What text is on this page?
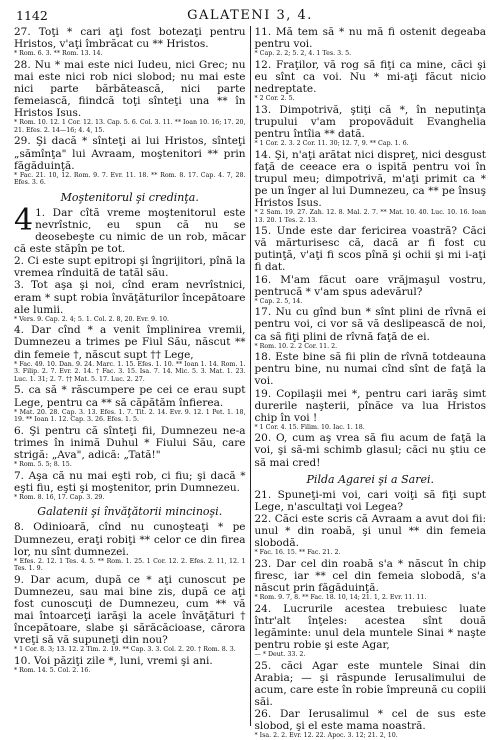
1142	GALATENI 3, 4.

27. Toţi * cari aţi fost botezaţi pentru Hristos, v'aţi îmbrăcat cu ** Hristos.

* Rom. 6. 3. ** Rom. 13. 14.

28. Nu * mai este nici Iudeu, nici Grec; nu mai este nici rob nici slobod; nu mai este nici parte bărbătească, nici parte femeiască, fiindcă toţi sînteţi una ** în Hristos Isus.

* Rom. 10. 12. 1 Cor. 12. 13. Cap. 5. 6. Col. 3. 11. ** Ioan 10. 16; 17. 20, 21. Efes. 2. 14—16; 4. 4, 15.

29. Şi dacă * sînteţi ai lui Hristos, sînteţi „sămînţa" lui Avraam, moştenitori ** prin făgăduinţă.

* Fac. 21. 10, 12. Rom. 9. 7. Evr. 11. 18. ** Rom. 8. 17. Cap. 4. 7, 28. Efes. 3. 6.

Moştenitorul şi credinţa.

4 1. Dar cîtă vreme moştenitorul este nevrîstnic, eu spun că nu se deosebeşte cu nimic de un rob, măcar că este stăpîn pe tot.

2. Ci este supt epitropi şi îngrijitori, pînă la vremea rînduită de tatăl său.

3. Tot aşa şi noi, cînd eram nevrîstnici, eram * supt robia învăţăturilor începătoare ale lumii.

* Vers. 9. Cap. 2. 4; 5. 1. Col. 2. 8, 20. Evr. 9. 10.

4. Dar cînd * a venit împlinirea vremii, Dumnezeu a trimes pe Fiul Său, născut ** din femeie †, născut supt †† Lege,

* Fac. 49. 10. Dan. 9. 24. Marc. 1. 15. Efes. 1. 10. ** Ioan 1. 14. Rom. 1. 3. Filip. 2. 7. Evr. 2. 14. † Fac. 3. 15. Isa. 7. 14. Mic. 5. 3. Mat. 1. 23. Luc. 1. 31; 2. 7. †† Mat. 5. 17. Luc. 2. 27.

5. ca să * răscumpere pe cei ce erau supt Lege, pentru ca ** să căpătăm înfierea.

* Mat. 20. 28. Cap. 3. 13. Efes. 1. 7. Tit. 2. 14. Evr. 9. 12. 1 Pet. 1. 18, 19. ** Ioan 1. 12. Cap. 3. 26. Efes. 1. 5.

6. Şi pentru că sînteţi fii, Dumnezeu ne-a trimes în inimă Duhul * Fiului Său, care strigă: „Ava", adică: „Tată!"

* Rom. 5. 5; 8. 15.

7. Aşa că nu mai eşti rob, ci fiu; şi dacă * eşti fiu, eşti şi moştenitor, prin Dumnezeu.

* Rom. 8. 16, 17. Cap. 3. 29.

Galatenii şi învăţătorii mincinoşi.

8. Odinioară, cînd nu cunoşteaţi * pe Dumnezeu, eraţi robiţi ** celor ce din firea lor, nu sînt dumnezei.

* Efes. 2. 12. 1 Tes. 4. 5. ** Rom. 1. 25. 1 Cor. 12. 2. Efes. 2. 11, 12. 1 Tes. 1. 9.

9. Dar acum, după ce * aţi cunoscut pe Dumnezeu, sau mai bine zis, după ce aţi fost cunoscuţi de Dumnezeu, cum ** vă mai întoarceţi iarăşi la acele învăţături † începătoare, slabe şi sărăcăcioase, cărora vreţi să vă supuneţi din nou?

* 1 Cor. 8. 3; 13. 12. 2 Tim. 2. 19. ** Cap. 3. 3. Col. 2. 20. † Rom. 8. 3.

10. Voi păziţi zile *, luni, vremi şi ani.

* Rom. 14. 5. Col. 2. 16.

11. Mă tem să * nu mă fi ostenit degeaba pentru voi.

* Cap. 2. 2; 5. 2, 4. 1 Tes. 3. 5.

12. Fraţilor, vă rog să fiţi ca mine, căci şi eu sînt ca voi. Nu * mi-aţi făcut nicio nedreptate.

* 2 Cor. 2. 5.

13. Dimpotrivă, ştiţi că *, în neputinţa trupului v'am propovăduit Evanghelia pentru întîia ** dată.

* 1 Cor. 2. 3. 2 Cor. 11. 30; 12. 7, 9. ** Cap. 1. 6.

14. Şi, n'aţi arătat nici dispreţ, nici desgust faţă de ceeace era o ispită pentru voi în trupul meu; dimpotrivă, m'aţi primit ca * pe un înger al lui Dumnezeu, ca ** pe însuş Hristos Isus.

* 2 Sam. 19. 27. Zah. 12. 8. Mal. 2. 7. ** Mat. 10. 40. Luc. 10. 16. Ioan 13. 20. 1 Tes. 2. 13.

15. Unde este dar fericirea voastră? Căci vă mărturisesc că, dacă ar fi fost cu putinţă, v'aţi fi scos pînă şi ochii şi mi i-aţi fi dat.

16. M'am făcut oare vrăjmaşul vostru, pentrucă * v'am spus adevărul?

* Cap. 2. 5, 14.

17. Nu cu gînd bun * sînt plini de rîvnă ei pentru voi, ci vor să vă deslipească de noi, ca să fiţi plini de rîvnă faţă de ei.

* Rom. 10. 2. 2 Cor. 11. 2.

18. Este bine să fii plin de rîvnă totdeauna pentru bine, nu numai cînd sînt de faţă la voi.

19. Copilaşii mei *, pentru cari iarăş simt durerile naşterii, pînăce va lua Hristos chip în voi !

* 1 Cor. 4. 15. Filim. 10. Iac. 1. 18.

20. O, cum aş vrea să fiu acum de faţă la voi, şi să-mi schimb glasul; căci nu ştiu ce să mai cred!

Pilda Agarei şi a Sarei.

21. Spuneţi-mi voi, cari voiţi să fiţi supt Lege, n'ascultaţi voi Legea?

22. Căci este scris că Avraam a avut doi fii: unul * din roabă, şi unul ** din femeia slobodă.

* Fac. 16. 15. ** Fac. 21. 2.

23. Dar cel din roabă s'a * născut în chip firesc, iar ** cel din femeia slobodă, s'a născut prin făgăduinţă.

* Rom. 9. 7, 8. ** Fac. 18. 10, 14; 21. 1, 2. Evr. 11. 11.

24. Lucrurile acestea trebuiesc luate într'alt înţeles: acestea sînt două legăminte: unul dela muntele Sinai * naşte pentru robie şi este Agar,

— * Deut. 33. 2.

25. căci Agar este muntele Sinai din Arabia; — şi răspunde Ierusalimului de acum, care este în robie împreună cu copiii săi.

26. Dar Ierusalimul * cel de sus este slobod, şi el este mama noastră.

* Isa. 2. 2. Evr. 12. 22. Apoc. 3. 12; 21. 2, 10.
